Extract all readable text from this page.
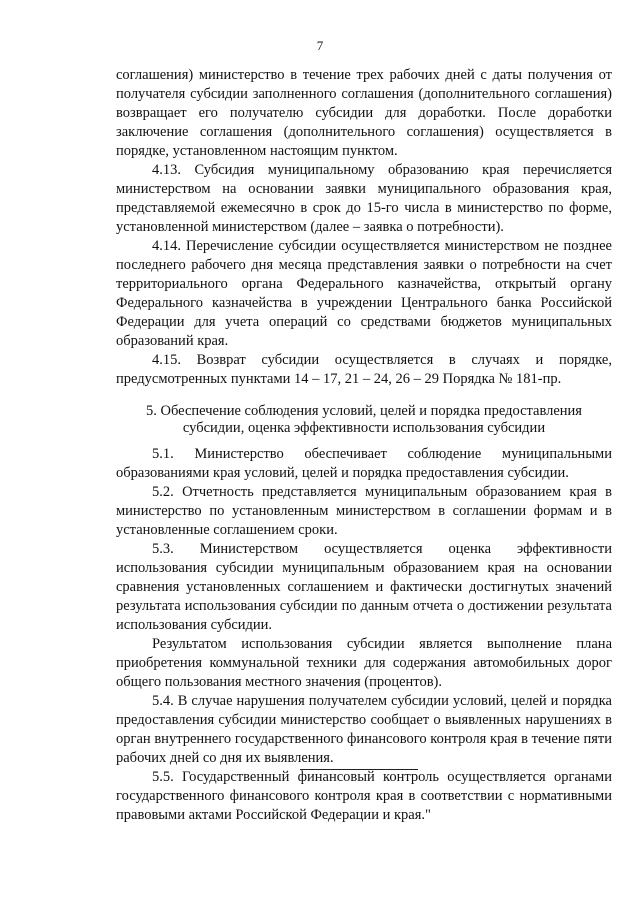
7

соглашения) министерство в течение трех рабочих дней с даты получения от получателя субсидии заполненного соглашения (дополнительного соглашения) возвращает его получателю субсидии для доработки. После доработки заключение соглашения (дополнительного соглашения) осуществляется в порядке, установленном настоящим пунктом.

4.13. Субсидия муниципальному образованию края перечисляется министерством на основании заявки муниципального образования края, представляемой ежемесячно в срок до 15-го числа в министерство по форме, установленной министерством (далее – заявка о потребности).

4.14. Перечисление субсидии осуществляется министерством не позднее последнего рабочего дня месяца представления заявки о потребности на счет территориального органа Федерального казначейства, открытый органу Федерального казначейства в учреждении Центрального банка Российской Федерации для учета операций со средствами бюджетов муниципальных образований края.

4.15. Возврат субсидии осуществляется в случаях и порядке, предусмотренных пунктами 14 – 17, 21 – 24, 26 – 29 Порядка № 181-пр.

5. Обеспечение соблюдения условий, целей и порядка предоставления субсидии, оценка эффективности использования субсидии

5.1. Министерство обеспечивает соблюдение муниципальными образованиями края условий, целей и порядка предоставления субсидии.

5.2. Отчетность представляется муниципальным образованием края в министерство по установленным министерством в соглашении формам и в установленные соглашением сроки.

5.3. Министерством осуществляется оценка эффективности использования субсидии муниципальным образованием края на основании сравнения установленных соглашением и фактически достигнутых значений результата использования субсидии по данным отчета о достижении результата использования субсидии.

Результатом использования субсидии является выполнение плана приобретения коммунальной техники для содержания автомобильных дорог общего пользования местного значения (процентов).

5.4. В случае нарушения получателем субсидии условий, целей и порядка предоставления субсидии министерство сообщает о выявленных нарушениях в орган внутреннего государственного финансового контроля края в течение пяти рабочих дней со дня их выявления.

5.5. Государственный финансовый контроль осуществляется органами государственного финансового контроля края в соответствии с нормативными правовыми актами Российской Федерации и края."
